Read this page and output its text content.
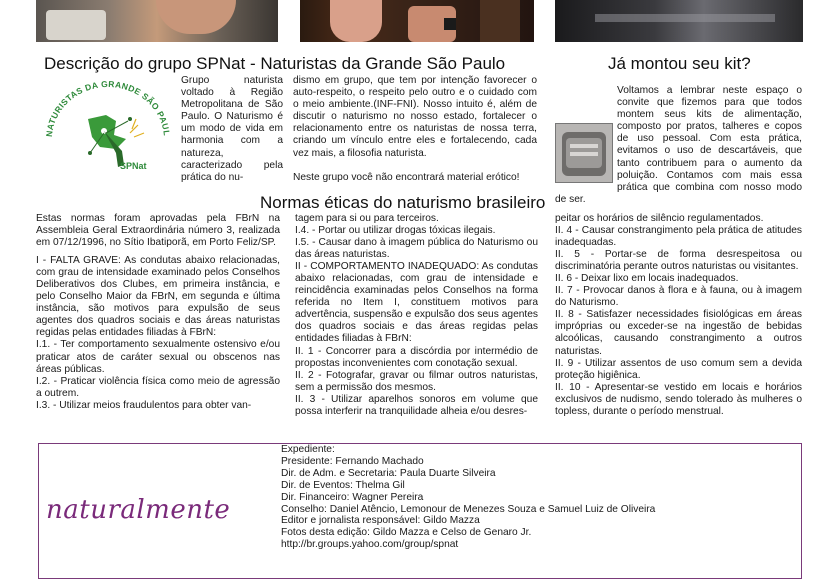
Descrição do grupo SPNat - Naturistas da Grande São Paulo
NATURISTAS DA GRANDE SÃO PAUL
SPNat

Grupo naturista voltado à Região Metropolitana de São Paulo. O Naturismo é um modo de vida em harmonia com a natureza, caracterizado pela prática do nu-

dismo em grupo, que tem por intenção favorecer o auto-respeito, o respeito pelo outro e o cuidado com o meio ambiente.(INF-FNI). Nosso intuito é, além de discutir o naturismo no nosso estado, fortalecer o relacionamento entre os naturistas de nossa terra, criando um vínculo entre eles e fortalecendo, cada vez mais, a filosofia naturista.

Neste grupo você não encontrará material erótico!

Já montou seu kit?

Voltamos a lembrar neste espaço o convite que fizemos para que todos montem seus kits de alimentação, composto por pratos, talheres e copos de uso pessoal. Com esta prática, evitamos o uso de descartáveis, que tanto contribuem para o aumento da poluição. Contamos com mais essa prática que combina com nosso modo de ser.

Normas éticas do naturismo brasileiro

Estas normas foram aprovadas pela FBrN na Assembleia Geral Extraordinária número 3, realizada em 07/12/1996, no Sítio Ibatiporã, em Porto Feliz/SP.

I - FALTA GRAVE: As condutas abaixo relacionadas, com grau de intensidade examinado pelos Conselhos Deliberativos dos Clubes, em primeira instância, e pelo Conselho Maior da FBrN, em segunda e última instância, são motivos para expulsão de seus agentes dos quadros sociais e das áreas naturistas regidas pelas entidades filiadas à FBrN:

I.1. - Ter comportamento sexualmente ostensivo e/ou praticar atos de caráter sexual ou obscenos nas áreas públicas.

I.2. - Praticar violência física como meio de agressão a outrem.

I.3. - Utilizar meios fraudulentos para obter van-

tagem para si ou para terceiros.

I.4. - Portar ou utilizar drogas tóxicas ilegais.

I.5. - Causar dano à imagem pública do Naturismo ou das áreas naturistas.

II - COMPORTAMENTO INADEQUADO: As condutas abaixo relacionadas, com grau de intensidade e reincidência examinadas pelos Conselhos na forma referida no Item I, constituem motivos para advertência, suspensão e expulsão dos seus agentes dos quadros sociais e das áreas regidas pelas entidades filiadas à FBrN:

II. 1 - Concorrer para a discórdia por intermédio de propostas inconvenientes com conotação sexual.

II. 2 - Fotografar, gravar ou filmar outros naturistas, sem a permissão dos mesmos.

II. 3 - Utilizar aparelhos sonoros em volume que possa interferir na tranquilidade alheia e/ou desres-

peitar os horários de silêncio regulamentados.

II. 4 - Causar constrangimento pela prática de atitudes inadequadas.

II. 5 - Portar-se de forma desrespeitosa ou discriminatória perante outros naturistas ou visitantes.

II. 6 - Deixar lixo em locais inadequados.

II. 7 - Provocar danos à flora e à fauna, ou à imagem do Naturismo.

II. 8 - Satisfazer necessidades fisiológicas em áreas impróprias ou exceder-se na ingestão de bebidas alcoólicas, causando constrangimento a outros naturistas.

II. 9 - Utilizar assentos de uso comum sem a devida proteção higiênica.

II. 10 - Apresentar-se vestido em locais e horários exclusivos de nudismo, sendo tolerado às mulheres o topless, durante o período menstrual.

naturalmente
Expediente:
Presidente: Fernando Machado
Dir. de Adm. e Secretaria: Paula Duarte Silveira
Dir. de Eventos: Thelma Gil
Dir. Financeiro: Wagner Pereira
Conselho: Daniel Atêncio, Lemonour de Menezes Souza e Samuel Luiz de Oliveira
Editor e jornalista responsável: Gildo Mazza
Fotos desta edição: Gildo Mazza e Celso de Genaro Jr.
http://br.groups.yahoo.com/group/spnat
